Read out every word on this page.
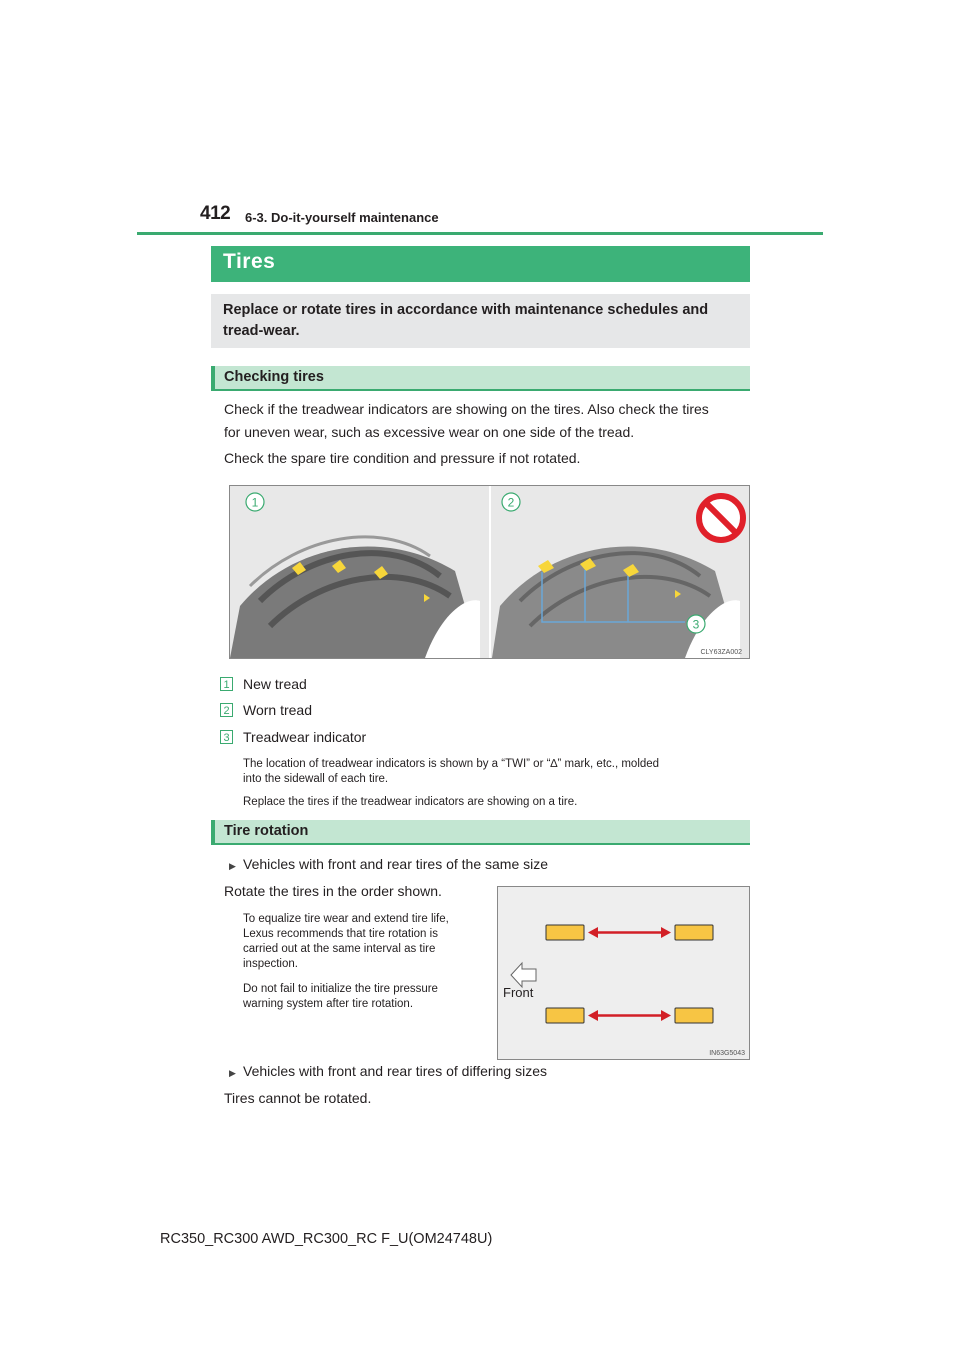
412 6-3. Do-it-yourself maintenance
Tires
Replace or rotate tires in accordance with maintenance schedules and tread-wear.
Checking tires
Check if the treadwear indicators are showing on the tires. Also check the tires
for uneven wear, such as excessive wear on one side of the tread.
Check the spare tire condition and pressure if not rotated.
1	2
3
CLY63ZA002
1 New tread
2 Worn tread
3 Treadwear indicator
The location of treadwear indicators is shown by a “TWI” or “∆” mark, etc., molded
into the sidewall of each tire.
Replace the tires if the treadwear indicators are showing on a tire.
Tire rotation
▶ Vehicles with front and rear tires of the same size
Rotate the tires in the order shown.
To equalize tire wear and extend tire life,
Lexus recommends that tire rotation is
carried out at the same interval as tire
inspection.
Do not fail to initialize the tire pressure
warning system after tire rotation.
Front
IN63G5043
▶ Vehicles with front and rear tires of differing sizes
Tires cannot be rotated.
RC350_RC300 AWD_RC300_RC F_U(OM24748U)
